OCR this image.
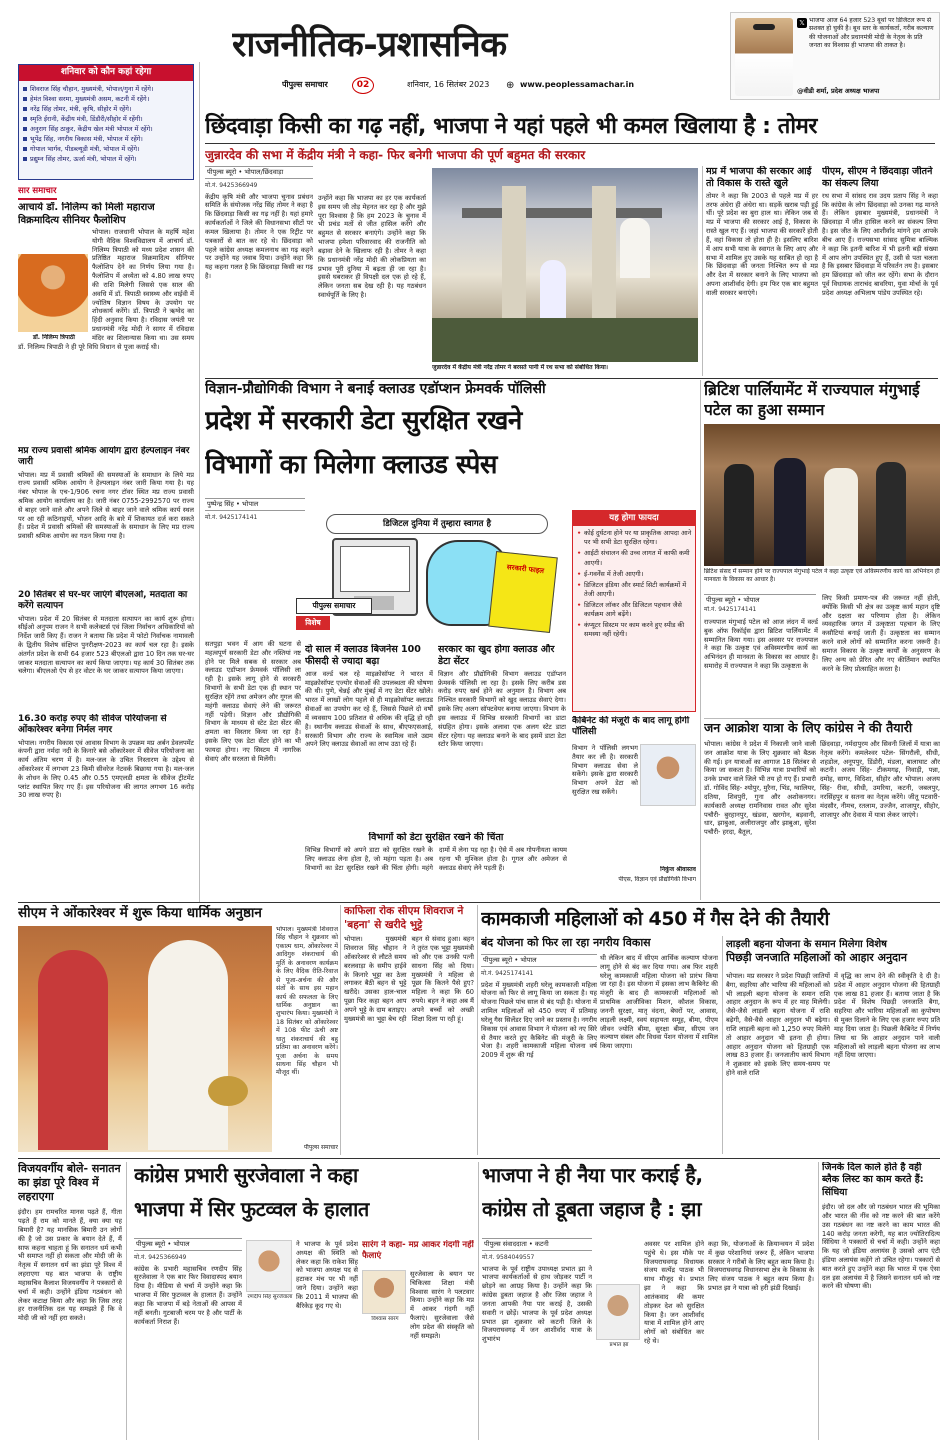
राजनीतिक-प्रशासनिक
पीपुल्स समाचार	02	शनिवार, 16 सितंबर 2023 ⊕ www.peoplessamachar.in
𝕏 भाजपा आज 64 हजार 523 बूथों पर डिजिटल रूप से सशक्त हो चुकी है। बूथ स्तर के कार्यकर्ता, गरीब कल्याण की योजनाओं और प्रधानमंत्री मोदी के नेतृत्व के प्रति जनता का विश्वास ही भाजपा की ताकत है।
@वीडी शर्मा, प्रदेश अध्यक्ष भाजपा
शनिवार को कौन कहां रहेगा
शिवराज सिंह चौहान, मुख्यमंत्री, भोपाल/गुना में रहेंगे।
हेमंत विश्वा सरमा, मुख्यमंत्री असम, कटनी में रहेंगे।
नरेंद्र सिंह तोमर, मंत्री, कृषि, सीहोर में रहेंगे।
स्मृति ईरानी, केंद्रीय मंत्री, डिंडौरी/सीहोर में रहेंगी।
अनुराग सिंह ठाकुर, केंद्रीय खेल मंत्री भोपाल में रहेंगे।
भूपेंद्र सिंह, नगरीय विकास मंत्री, भोपाल में रहेंगे।
गोपाल भार्गव, पीडब्ल्यूडी मंत्री, भोपाल में रहेंगे।
प्रद्युम्न सिंह तोमर, ऊर्जा मंत्री, भोपाल में रहेंगे।
सार समाचार
आचार्य डॉ. निलिम्प को मिली महाराज विक्रमादित्य सीनियर फैलोशिप
डॉ. निलिम्प त्रिपाठी
भोपाल। राजधानी भोपाल के महर्षि महेश योगी वैदिक विश्वविद्यालय में आचार्य डॉ. निलिम्प त्रिपाठी को मध्य प्रदेश शासन की प्रतिष्ठित महाराज विक्रमादित्य सीनियर फैलोशिप देने का निर्णय लिया गया है। फैलोशिप में अध्येता को 4.80 लाख रुपए की राशि मिलेगी जिससे एक साल की अवधि में डॉ. त्रिपाठी स्वास्थ्य और वाईवी में ज्योतिष विज्ञान विषय के उपयोग पर शोधकार्य करेंगे। डॉ. त्रिपाठी ने ऋग्वेद का हिंदी अनुवाद किया है। रविदास जयंती पर प्रधानमंत्री नरेंद्र मोदी ने सागर में रविदास मंदिर का शिलान्यास किया था। उस समय डॉ. निलिम्प त्रिपाठी ने ही पूरे विधि विधान से पूजा कराई थी।
मप्र राज्य प्रवासी श्रमिक आयोग द्वारा हेल्पलाइन नंबर जारी
भोपाल। मप्र में प्रवासी श्रमिकों की समस्याओं के समाधान के लिये मप्र राज्य प्रवासी श्रमिक आयोग ने हेल्पलाइन नंबर जारी किया गया है। यह नंबर भोपाल के एच-1/906 रचना नगर टॉवर स्थित मप्र राज्य प्रवासी श्रमिक आयोग कार्यालय का है। जारी नंबर 0755-2992570 पर राज्य से बाहर जाने वाले और अपने जिले से बाहर जाने वाले श्रमिक कार्य स्थल पर आ रही कठिनाइयों, भोजन आदि के बारे में शिकायत दर्ज करा सकते हैं। प्रदेश में प्रवासी श्रमिकों की समस्याओं के समाधान के लिए मप्र राज्य प्रवासी श्रमिक आयोग का गठन किया गया है।
20 सितंबर से घर-घर जाएंगे बीएलओ, मतदाता का करेंगे सत्यापन
भोपाल। प्रदेश में 20 सितंबर से मतदाता सत्यापन का कार्य शुरू होगा। सीईओ अनुपम राजन ने सभी कलेक्टर्स एवं जिला निर्वाचन अधिकारियों को निर्देश जारी किए हैं। राजन ने बताया कि प्रदेश में फोटो निर्वाचक नामावली के द्वितीय विशेष संक्षिप्त पुनरीक्षण-2023 का कार्य चल रहा है। इसके अंतर्गत प्रदेश के सभी 64 हजार 523 बीएलओ द्वारा 10 दिन तक घर-घर जाकर मतदाता सत्यापन का कार्य किया जाएगा। यह कार्य 30 सितंबर तक चलेगा। बीएलओ ऐप से हर वोटर के घर जाकर सत्यापन किया जाएगा।
16.30 करोड़ रुपए की सीवेज परियोजना से ओंकारेश्वर बनेगा निर्मल नगर
भोपाल। नगरीय विकास एवं आवास विभाग के उपक्रम मप्र अर्बन डेवलपमेंट कंपनी द्वारा नर्मदा नदी के किनारे बसे ओंकारेश्वर में सीवेज परियोजना का कार्य अंतिम चरण में है। मल-जल के उचित निस्तारण के उद्देश्य से ओंकारेश्वर में लगभग 23 किमी सीवरेज नेटवर्क बिछाया गया है। मल-जल के शोधन के लिए 0.45 और 0.55 एमएलडी क्षमता के सीवेज ट्रीटमेंट प्लांट स्थापित किए गए हैं। इस परियोजना की लागत लगभग 16 करोड़ 30 लाख रुपए है।
छिंदवाड़ा किसी का गढ़ नहीं, भाजपा ने यहां पहले भी कमल खिलाया है : तोमर
जुन्नारदेव की सभा में केंद्रीय मंत्री ने कहा- फिर बनेगी भाजपा की पूर्ण बहुमत की सरकार
पीपुल्स ब्यूरो • भोपाल/छिंदवाड़ा
मो.नं. 9425366949
केंद्रीय कृषि मंत्री और भाजपा चुनाव प्रबंधन समिति के संयोजक नरेंद्र सिंह तोमर ने कहा है कि छिंदवाड़ा किसी का गढ़ नहीं है। यहां हमारे कार्यकर्ताओं ने जिले की विधानसभा सीटों पर कमल खिलाया है। तोमर ने एक रिट्रीट पर पत्रकारों से बात कर रहे थे। छिंदवाड़ा को पहले कांग्रेस अध्यक्ष कमलनाथ का गढ़ कहने पर उन्होंने यह जवाब दिया। उन्होंने कहा कि यह कहना गलत है कि छिंदवाड़ा किसी का गढ़ है।
उन्होंने कहा कि भाजपा का हर एक कार्यकर्ता इस समय जी तोड़ मेहनत कर रहा है और मुझे पूरा विश्वास है कि हम 2023 के चुनाव में भी प्रचंड मतों से जीत हासिल करेंगे और बहुमत से सरकार बनाएंगे। उन्होंने कहा कि भाजपा हमेशा परिवारवाद की राजनीति को बढ़ावा देने के खिलाफ रही है। तोमर ने कहा कि प्रधानमंत्री नरेंद्र मोदी की लोकप्रियता का प्रभाव पूरी दुनिया में बढ़ता ही जा रहा है। इससे घबराकर ही विपक्षी दल एक हो रहे हैं, लेकिन जनता सब देख रही है। यह गठबंधन स्वार्थपूर्ति के लिए है।
जुन्नारदेव में केंद्रीय मंत्री नरेंद्र तोमर ने बरसते पानी में रथ सभा को संबोधित किया।
मप्र में भाजपा की सरकार आई तो विकास के रास्ते खुले
तोमर ने कहा कि 2003 से पहले मप्र में हर तरफ अंधेरा ही अंधेरा था। सड़कें खराब पड़ी हुई थीं। पूरे प्रदेश का बुरा हाल था। लेकिन जब से मप्र में भाजपा की सरकार आई है, विकास के रास्ते खुल गए हैं। जहां भाजपा की सरकारें होती हैं, वहां विकास तो होता ही है। इसलिए बारिश में आप सभी यात्रा के स्वागत के लिए आए और सभा में शामिल हुए उसके यह साबित हो रहा है कि छिंदवाड़ा की जनता निश्चित रूप से मप्र और देश में सरकार बनाने के लिए भाजपा को अपना आशीर्वाद देगी। हम फिर एक बार बहुमत वाली सरकार बनाएंगे।
पीएम, सीएम ने छिंदवाड़ा जीतने का संकल्प लिया
रथ सभा में सांसद राव उदय प्रताप सिंह ने कहा कि कांग्रेस के लोग छिंदवाड़ा को उनका गढ़ मानते हैं। लेकिन इसबार मुख्यमंत्री, प्रधानमंत्री ने छिंदवाड़ा में जीत हासिल करने का संकल्प लिया है। इस जीत के लिए आशीर्वाद मांगने हम आपके बीच आए हैं। राज्यसभा सांसद सुमित्रा बाल्मिक ने कहा कि इतनी बारिश में भी इतनी बड़ी संख्या में आप लोग उपस्थित हुए हैं, उसी से पता चलता है कि इसबार छिंदवाड़ा में परिवर्तन तय है। इसबार हम छिंदवाड़ा को जीत कर रहेंगे। सभा के दौरान पूर्व विधायक ताराचंद बावरिया, युवा मोर्चा के पूर्व प्रदेश अध्यक्ष अभिलाष पांडेय उपस्थित रहे।
विज्ञान-प्रौद्योगिकी विभाग ने बनाई क्लाउड एडॉप्शन फ्रेमवर्क पॉलिसी
प्रदेश में सरकारी डेटा सुरक्षित रखने
विभागों का मिलेगा क्लाउड स्पेस
पुष्पेन्द्र सिंह • भोपाल
मो.नं. 9425174141
डिजिटल दुनिया में तुम्हारा स्वागत है
सरकारी फाइल
पीपुल्स समाचार
विशेष
सतपुड़ा भवन में आग की घटना से महत्वपूर्ण सरकारी डेटा और नस्तियां नष्ट होने पर मिले सबक से सरकार अब क्लाउड एडॉप्शन फ्रेमवर्क पॉलिसी ला रही है। इसके लागू होने से सरकारी विभागों के सभी डेटा एक ही स्थान पर सुरक्षित रहेंगे तथा अमेजन और गूगल की महंगी क्लाउड सेवाएं लेने की जरूरत नहीं पड़ेगी। विज्ञान और प्रौद्योगिकी विभाग के माध्यम से स्टेट डेटा सेंटर की क्षमता का विस्तार किया जा रहा है। इसके लिए एक डेटा सेंटर होने का भी फायदा होगा। नए सिस्टम में नागरिक सेवाएं और सरलता से मिलेंगी।
दो साल में क्लाउड बिजनेस 100 फीसदी से ज्यादा बढ़ा
आज वर्ल्ड चल रहे माइक्रोसॉफ्ट ने भारत में माइक्रोसॉफ्ट एज्योर सेवाओं की उपलब्धता की घोषणा की थी। पुणे, चेन्नई और मुंबई में नए डेटा सेंटर खोले। भारत में लाखों लोग पहले से ही माइक्रोसॉफ्ट क्लाउड सेवाओं का उपयोग कर रहे हैं, जिससे पिछले दो वर्षों में व्यवसाय 100 प्रतिशत से अधिक की वृद्धि हो रही है। स्थानीय क्लाउड सेवाओं के साथ, बीएफएसआई, सरकारी विभाग और राज्य के स्वामित्व वाले उद्यम अपने लिए क्लाउड सेवाओं का लाभ उठा रहे हैं।
सरकार का खुद होगा क्लाउड और डेटा सेंटर
विज्ञान और प्रौद्योगिकी विभाग क्लाउड एडॉप्शन फ्रेमवर्क पॉलिसी ला रहा है। इसके लिए करीब डस करोड़ रुपए खर्च होने का अनुमान है। विभाग अब निश्चित सरकारी विभागों को खुद क्लाउड सेवाएं देगा। इसके लिए अलग सॉफ्टवेयर बनाया जाएगा। विभाग के इस क्लाउड में विभिन्न सरकारी विभागों का डाटा संग्रहित होगा। इसके अलावा एक अलग स्टेट डाटा सेंटर रहेगा। यह क्लाउड बनाने के बाद इसमें डाटा डेटा स्टोर किया जाएगा।
विभागों को डेटा सुरक्षित रखने की चिंता
विभिन्न विभागों को अपने डाटा को सुरक्षित रखने के लिए क्लाउड लेना होता है, जो महंगा पड़ता है। अब विभागों का डेटा सुरक्षित रखने की चिंता होगी। महंगे दामों में लेना पड़ रहा है। ऐसे में अब गोपनीयता कायम रहना भी मुश्किल होता है। गूगल और अमेजन से क्लाउड सेवाएं लेने पड़ती हैं।
यह होगा फायदा
• कोई दुर्घटना होने पर या प्राकृतिक आपदा आने पर भी सभी डेटा सुरक्षित रहेगा।
• आईटी संचालन की उच्च लागत में काफी कमी आएगी।
• ई-गवर्नेंस में तेजी आएगी।
• डिजिटल इंडिया और स्मार्ट सिटी कार्यक्रमों में तेजी आएगी।
• डिजिटल लॉकर और डिजिटल पहचान जैसे कार्यक्रम आगे बढ़ेंगे।
• कंप्यूटर सिस्टम पर काम करने हुए स्पीड की समस्या नहीं रहेगी।
कैबिनेट की मंजूरी के बाद लागू होगी पॉलिसी
विभाग ने पॉलिसी लगभग तैयार कर ली है। सरकारी विभाग क्लाउड सेवा ले सकेंगे। इसके द्वारा सरकारी विभाग अपने डेटा को सुरक्षित रख सकेंगे।
निकुंज श्रीवास्तव
पीएस, विज्ञान एवं प्रौद्योगिकी विभाग
ब्रिटिश पार्लियामेंट में राज्यपाल मंगुभाई पटेल का हुआ सम्मान
ब्रिटिश संसद में सम्मान होने पर राज्यपाल मंगुभाई पटेल ने कहा उत्कृष्ट एवं अविस्मरणीय कार्य का अभिनंदन ही मानवता के विकास का आधार है।
पीपुल्स ब्यूरो • भोपाल
मो.नं. 9425174141
राज्यपाल मंगुभाई पटेल को आज लंदन में वर्ल्ड बुक ऑफ रिकॉर्ड्स द्वारा ब्रिटिश पार्लियामेंट में सम्मानित किया गया। इस अवसर पर राज्यपाल ने कहा कि उत्कृष्ट एवं अविस्मरणीय कार्य का अभिनंदन ही मानवता के विकास का आधार है। समारोह में राज्यपाल ने कहा कि उत्कृष्टता के
लिए किसी प्रमाण-पत्र की जरूरत नहीं होती, क्योंकि किसी भी क्षेत्र का उत्कृष्ट कार्य महान दृष्टि और दक्षता का परिणाम होता है। लेकिन व्यवहारिक जगत में उत्कृष्टता पहचान के लिए कसौटियां बनाई जाती हैं। उत्कृष्टता का सम्मान करने वाले लोगों को सम्मानित करना जरूरी है। समाज विकास के उत्कृष्ट कार्यों के अनुसरण के लिए अन्य को प्रेरित और नए कीर्तिमान स्थापित करने के लिए प्रोत्साहित करता है।
जन आक्रोश यात्रा के लिए कांग्रेस ने की तैयारी
भोपाल। कांग्रेस ने प्रदेश में निकाली जाने वाली जन आक्रोश यात्रा के लिए शुक्रवार को बैठक की गई। इन यात्राओं का आगाज 18 सितंबर से किया जा सकता है। विभिन्न यात्रा प्रभारियों को उनके प्रभार वाले जिले भी तय हो गए हैं। प्रभारी डॉ. गोविंद सिंह- श्योपुर, मुरैना, भिंड, ग्वालियर, दतिया, शिवपुरी, गुना और अशोकनगर। कार्यकारी अध्यक्ष रामनिवास रावत और सुरेश पचौरी- बुरहानपुर, खंडवा, खरगोन, बड़वानी, धार, झाबुआ, अलीराजपुर और झाबुआ, सुरेश पचौरी- हरदा, बैतूल,
छिंदवाड़ा, नर्मदापुरम और सिवनी जिलों में यात्रा का नेतृत्व करेंगे। कमलेश्वर पटेल- सिंगरौली, सीधी, शहडोल, अनूपपुर, डिंडोरी, मंडला, बालाघाट और कटनी। अजय सिंह- टीकमगढ़, निवाड़ी, पन्ना, दमोह, सागर, विदिशा, सीहोर और भोपाल। अजय सिंह- रीवा, सीधी, उमरिया, कटनी, जबलपुर, नरसिंहपुर व सतना का नेतृत्व करेंगे। जीतू पटवारी- मंदसौर, नीमच, रतलाम, उज्जैन, शाजापुर, सीहोर, शाजापुर और देवास में यात्रा लेकर जाएंगे।
सीएम ने ओंकारेश्वर में शुरू किया धार्मिक अनुष्ठान
भोपाल। मुख्यमंत्री शिवराज सिंह चौहान ने शुक्रवार को एकात्म धाम, ओंकारेश्वर में आदिगुरु शंकराचार्य की मूर्ति के अनावरण कार्यक्रम के लिए वैदिक रीति-रिवाज से पूजा-अर्चना की और संतों के साथ इस महान कार्य की सफलता के लिए धार्मिक अनुष्ठान का शुभारंभ किया। मुख्यमंत्री ने 18 सितंबर को ओंकारेश्वर में 108 फीट ऊंची अष्ट धातु शंकराचार्य की बहु प्रतिमा का अनावरण करेंगे। पूजा अर्चना के समय साधना सिंह चौहान भी मौजूद थीं।
पीपुल्स समाचार
काफिला रोक सीएम शिवराज ने 'बहना' से खरीदे भुट्टे
भोपाल। मुख्यमंत्री शिवराज सिंह चौहान ने ओंकारेश्वर से लौटते समय बरलवाड़ा के समीप हाईवे के किनारे भुट्टा का ठेला लगाकर बैठी बहन से भुट्टे खरीदे। उसका हाल-चाल पूछा फिर कहा बहन आप अपने भुट्टे के दाम बताइए। मुख्यमंत्री का भुट्टा बेच रही बहन से संवाद हुआ। बहन ने तुरंत एक भुट्टा मुख्यमंत्री को और एक उनकी पत्नी साधना सिंह को दिया। मुख्यमंत्री ने महिला से पूछा कि कितने पैसे हुए? महिला ने कहा कि 60 रुपये। बहन ने कहा अब मैं अपने बच्चों को अच्छी शिक्षा दिला पा रही हूं।
कामकाजी महिलाओं को 450 में गैस देने की तैयारी
बंद योजना को फिर ला रहा नगरीय विकास
पीपुल्स ब्यूरो • भोपाल
मो.नं. 9425174141
प्रदेश में मुख्यमंत्री शहरी घरेलू कामकाजी महिला योजना को फिर से लागू किया जा सकता है। यह योजना पिछले पांच साल से बंद पड़ी है। योजना में शामिल महिलाओं को 450 रुपए में प्रतिमाह घरेलू गैस सिलेंडर दिए जाने का प्रस्ताव है। नगरीय विकास एवं आवास विभाग ने योजना को नए सिरे से तैयार करते हुए कैबिनेट की मंजूरी के लिए भेजा है। शहरी कामकाजी महिला योजना वर्ष 2009 में शुरू की गई
थी लेकिन बाद में सीएम आर्थिक कल्याण योजना लागू होने से बंद कर दिया गया। अब फिर शहरी घरेलू कामकाजी महिला योजना को प्रारंभ किया जा रहा है। इस योजना में इसका लाभ कैबिनेट की मंजूरी के बाद ही कामकाजी महिलाओं को प्राथमिक आजीविका मिशन, कौशल विकास, जननी सुरक्षा, मातृ वंदना, बेघरों पर, आवास, लाड़ली लक्ष्मी, स्वयं सहायता समूह, बीमा, पीएम जीवन ज्योति बीमा, सुरक्षा बीमा, सीएम जन कल्याण संबल और विधवा पेंशन योजना में शामिल किया जाएगा।
लाड़ली बहना योजना के समान मिलेगा विशेष
पिछड़ी जनजाति महिलाओं को आहार अनुदान
भोपाल। मप्र सरकार ने प्रदेश पिछड़ी जातियों बैगा, सहरिया और भारिया की महिलाओं को भी लाड़ली बहना योजना के समान राशि आहार अनुदान के रूप में हर माह मिलेगी। जैसे-जैसे लाड़ली बहना योजना में राशि बढ़ेगी, वैसे-वैसे आहार अनुदान भी बढ़ेगा। राशि लाड़ली बहना को 1,250 रुपए मिलेंगे तो आहार अनुदान भी इतना ही होगा। आहार अनुदान योजना को हितग्राही एक लाख 83 हजार हैं। जनजातीय कार्य विभाग ने शुक्रवार को इसके लिए समय-समय पर होने वाले राशि
में वृद्धि का लाभ देने की स्वीकृति दे दी है। प्रदेश में आहार अनुदान योजना की हितग्राही एक लाख 81 हजार हैं। बताया जाता है कि प्रदेश में विशेष पिछड़ी जनजाति बैगा, सहरिया और भारिया महिलाओं का कुपोषण से मुक्त दिलाने के लिए एक हजार रुपए प्रति माह दिया जाता है। पिछली कैबिनेट में निर्णय लिया था कि आहार अनुदान पाने वाली महिलाओं को लाड़ली बहना योजना का लाभ नहीं दिया जाएगा।
विजयवर्गीय बोले- सनातन का झंडा पूरे विश्व में लहराएगा
इंदौर। हम रामचरित मानस पढ़ते हैं, गीता पढ़ते हैं राम को मानते हैं, क्या क्या यह बिमारी है? यह मानसिक बिमारी उन लोगों की है जो उस प्रकार के बयान देते हैं, मैं साफ कहना चाहता हूं कि सनातन धर्म कभी भी समाप्त नहीं हो सकता और मोदी जी के नेतृत्व में सनातन धर्म का झंडा पूरे विश्व में लहराएगा यह बात भाजपा के राष्ट्रीय महासचिव कैलाश विजयवर्गीय ने पत्रकारों से चर्चा में कही। उन्होंने इंडिया गठबंधन को लेकर कटाक्ष किया और कहा कि जिस तरह हर राजनीतिक दल यह समझते हैं कि वे मोदी जी को नहीं हरा सकते।
कांग्रेस प्रभारी सुरजेवाला ने कहा
भाजपा में सिर फुटव्वल के हालात
पीपुल्स ब्यूरो • भोपाल
मो.नं. 9425366949
कांग्रेस के प्रभारी महासचिव रणदीप सिंह सुरजेवाला ने एक बार फिर विवादास्पद बयान दिया है। मीडिया से चर्चा में उन्होंने कहा कि भाजपा में सिर फुटव्वल के हालात हैं। उन्होंने कहा कि भाजपा में बड़े नेताओं की आपस में नहीं बनती। गुटबाजी चरम पर है और पार्टी के कार्यकर्ता निराश हैं।
रणदीप सिंह सुरजेवाला
ने भाजपा के पूर्व प्रदेश अध्यक्ष की स्थिति को लेकर कहा कि राकेश सिंह को भाजपा अध्यक्ष पद से हटाकर मंच पर भी नहीं जाने दिया। उन्होंने कहा कि 2011 में भाजपा की बैरिकेड़ कूद गए थे।
सारंग ने कहा- मप्र आकर गंदगी नहीं फैलाएं
विश्वास सारंग
सुरजेवाला के बयान पर चिकित्सा शिक्षा मंत्री विश्वास सारंग ने पलटवार किया। उन्होंने कहा कि मप्र में आकर गंदगी नहीं फैलाएं। सुरजेवाला जैसे लोग प्रदेश की संस्कृति को नहीं समझते।
भाजपा ने ही नैया पार कराई है,
कांग्रेस तो डूबता जहाज है : झा
पीपुल्स संवाददाता • कटनी
मो.नं. 9584049557
भाजपा के पूर्व राष्ट्रीय उपाध्यक्ष प्रभात झा ने भाजपा कार्यकर्ताओं से हाथ जोड़कर पार्टी न छोड़ने का आग्रह किया है। उन्होंने कहा कि कांग्रेस डूबता जहाज है और जिस जहाज ने जनता आपकी नैया पार कराई है, उसकी सवारी न छोड़ें। भाजपा के पूर्व प्रदेश अध्यक्ष प्रभात झा शुक्रवार को कटनी जिले के विजयराघवगढ़ में जन आशीर्वाद यात्रा के शुभारंभ
प्रभात झा
अवसर पर शामिल होने पहुंचे थे। इस मौके पर विजयराघवगढ़ विधायक संजय सत्येंद्र पाठक भी साथ मौजूद थे। प्रभात झा ने कहा कि आतंकवाद की कमर तोड़कर देश को सुरक्षित किया है। जन आशीर्वाद यात्रा में शामिल होने आए लोगों को संबोधित कर रहे थे।
कहा कि, योजनाओं के क्रियान्वयन में प्रदेश में कुछ परेशानियां जरूर हैं, लेकिन भाजपा सरकार ने गरीबों के लिए बहुत काम किया है। विजयराघवगढ़ विधानसभा क्षेत्र के विकास के लिए संजय पाठक ने बहुत काम किया है। प्रभात झा ने यात्रा को हरी झंडी दिखाई।
जिनके दिल काले होते है वही ब्लैक लिस्ट का काम करते हैं: सिंधिया
इंदौर। जो दल और जो गठबंधन भारत की भूमिका और भारत की नींव को नष्ट करने की बात करेंगे उस गठबंधन का नष्ट करने का काम भारत की 140 करोड़ जनता करेगी, यह बात ज्योतिरादित्य सिंधिया ने पत्रकारों से चर्चा में कही। उन्होंने कहा कि यह जो इंडिया अलायंस है उसको आप एंटी इंडिया अलायंस कहेंगे तो उचित रहेगा। पत्रकारों से बात करते हुए उन्होंने कहा कि भारत में एक ऐसा दल इस अलायंस में है जिसने सनातन धर्म को नष्ट करने की घोषणा की।
